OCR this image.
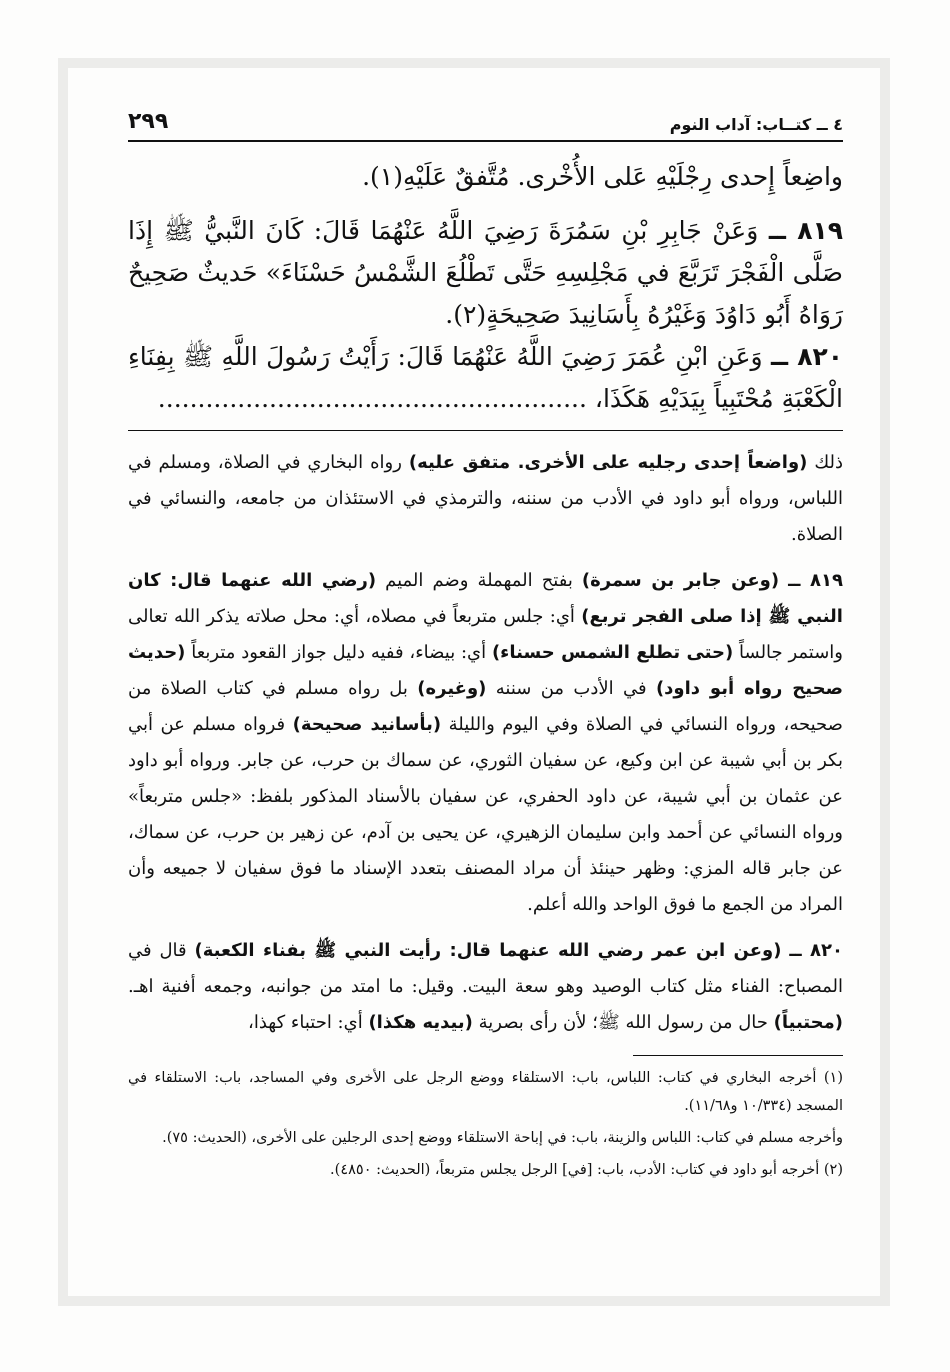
٤ ــ كتــاب: آداب النوم
٢٩٩

واضِعاً إِحدى رِجْلَيْهِ عَلى الأُخْرى. مُتَّفقٌ عَلَيْهِ(١).

٨١٩ ــ وَعَنْ جَابِرِ بْنِ سَمُرَةَ رَضِيَ اللَّهُ عَنْهُمَا قَالَ: كَانَ النَّبيُّ ﷺ إِذَا صَلَّى الْفَجْرَ تَرَبَّعَ في مَجْلِسِهِ حَتَّى تَطْلُعَ الشَّمْسُ حَسْنَاءَ» حَديثٌ صَحِيحٌ رَوَاهُ أَبُو دَاوُدَ وَغَيْرُهُ بِأَسَانِيدَ صَحِيحَةٍ(٢).

٨٢٠ ــ وَعَنِ ابْنِ عُمَرَ رَضِيَ اللَّهُ عَنْهُمَا قَالَ: رَأَيْتُ رَسُولَ اللَّهِ ﷺ بِفِنَاءِ الْكَعْبَةِ مُحْتَبِياً بِيَدَيْهِ هَكَذَا، ......................................................

ذلك (واضعاً إحدى رجليه على الأخرى. متفق عليه) رواه البخاري في الصلاة، ومسلم في اللباس، ورواه أبو داود في الأدب من سننه، والترمذي في الاستئذان من جامعه، والنسائي في الصلاة.

٨١٩ ــ (وعن جابر بن سمرة) بفتح المهملة وضم الميم (رضي الله عنهما قال: كان النبي ﷺ إذا صلى الفجر تربع) أي: جلس متربعاً في مصلاه، أي: محل صلاته يذكر الله تعالى واستمر جالساً (حتى تطلع الشمس حسناء) أي: بيضاء، ففيه دليل جواز القعود متربعاً (حديث صحيح رواه أبو داود) في الأدب من سننه (وغيره) بل رواه مسلم في كتاب الصلاة من صحيحه، ورواه النسائي في الصلاة وفي اليوم والليلة (بأسانيد صحيحة) فرواه مسلم عن أبي بكر بن أبي شيبة عن ابن وكيع، عن سفيان الثوري، عن سماك بن حرب، عن جابر. ورواه أبو داود عن عثمان بن أبي شيبة، عن داود الحفري، عن سفيان بالأسناد المذكور بلفظ: «جلس متربعاً» ورواه النسائي عن أحمد وابن سليمان الزهيري، عن يحيى بن آدم، عن زهير بن حرب، عن سماك، عن جابر قاله المزي: وظهر حينئذ أن مراد المصنف بتعدد الإسناد ما فوق سفيان لا جميعه وأن المراد من الجمع ما فوق الواحد والله أعلم.

٨٢٠ ــ (وعن ابن عمر رضي الله عنهما قال: رأيت النبي ﷺ بفناء الكعبة) قال في المصباح: الفناء مثل كتاب الوصيد وهو سعة البيت. وقيل: ما امتد من جوانبه، وجمعه أفنية اهـ. (محتبياً) حال من رسول الله ﷺ؛ لأن رأى بصرية (بيديه هكذا) أي: احتباء كهذا،

(١) أخرجه البخاري في كتاب: اللباس، باب: الاستلقاء ووضع الرجل على الأخرى وفي المساجد، باب: الاستلقاء في المسجد (١٠/٣٣٤ و١١/٦٨).

وأخرجه مسلم في كتاب: اللباس والزينة، باب: في إباحة الاستلقاء ووضع إحدى الرجلين على الأخرى، (الحديث: ٧٥).

(٢) أخرجه أبو داود في كتاب: الأدب، باب: [في] الرجل يجلس متربعاً، (الحديث: ٤٨٥٠).
